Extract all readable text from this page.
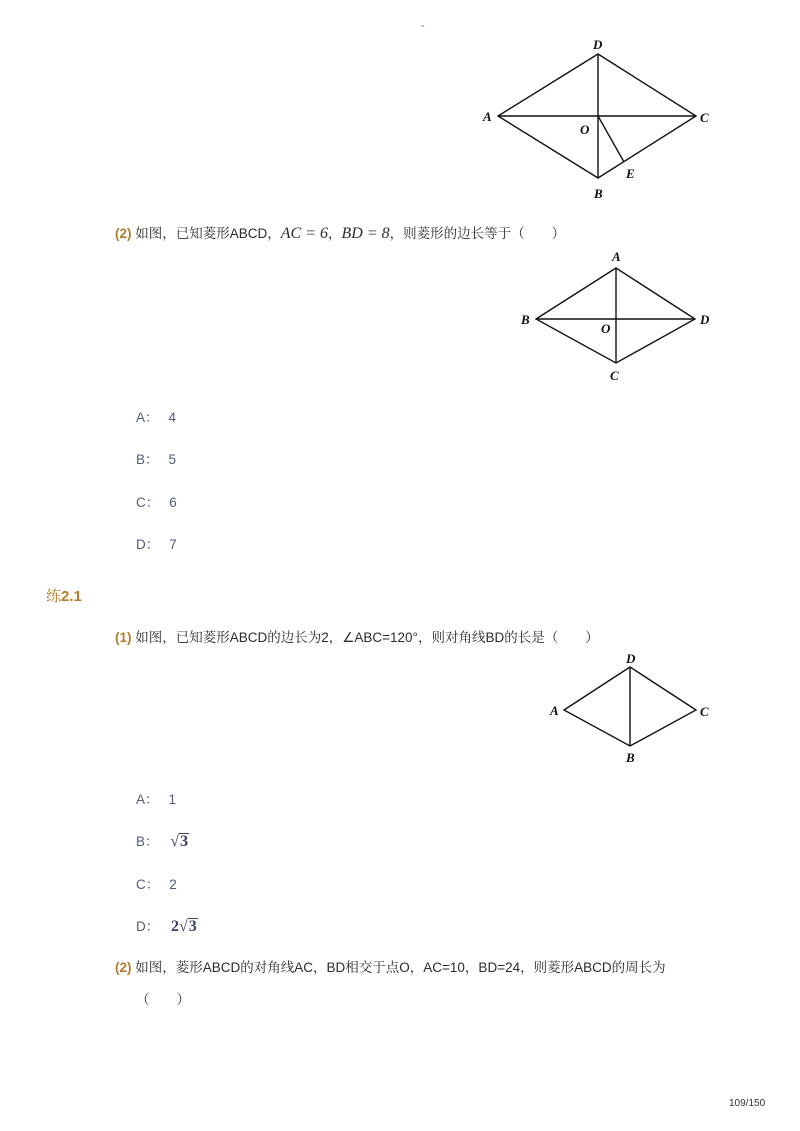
-
D
A	C
O
E
B
(2) 如图，已知菱形ABCD，AC = 6，BD = 8，则菱形的边长等于（　　）
A
B	D
O
C
A： 4
B： 5
C： 6
D： 7
练2.1
(1) 如图，已知菱形ABCD的边长为2，∠ABC=120°，则对角线BD的长是（　　）
D
A	C
B
A： 1
B： √3
C： 2
D： 2√3
(2) 如图，菱形ABCD的对角线AC，BD相交于点O，AC=10，BD=24，则菱形ABCD的周长为
（　　）
109/150
